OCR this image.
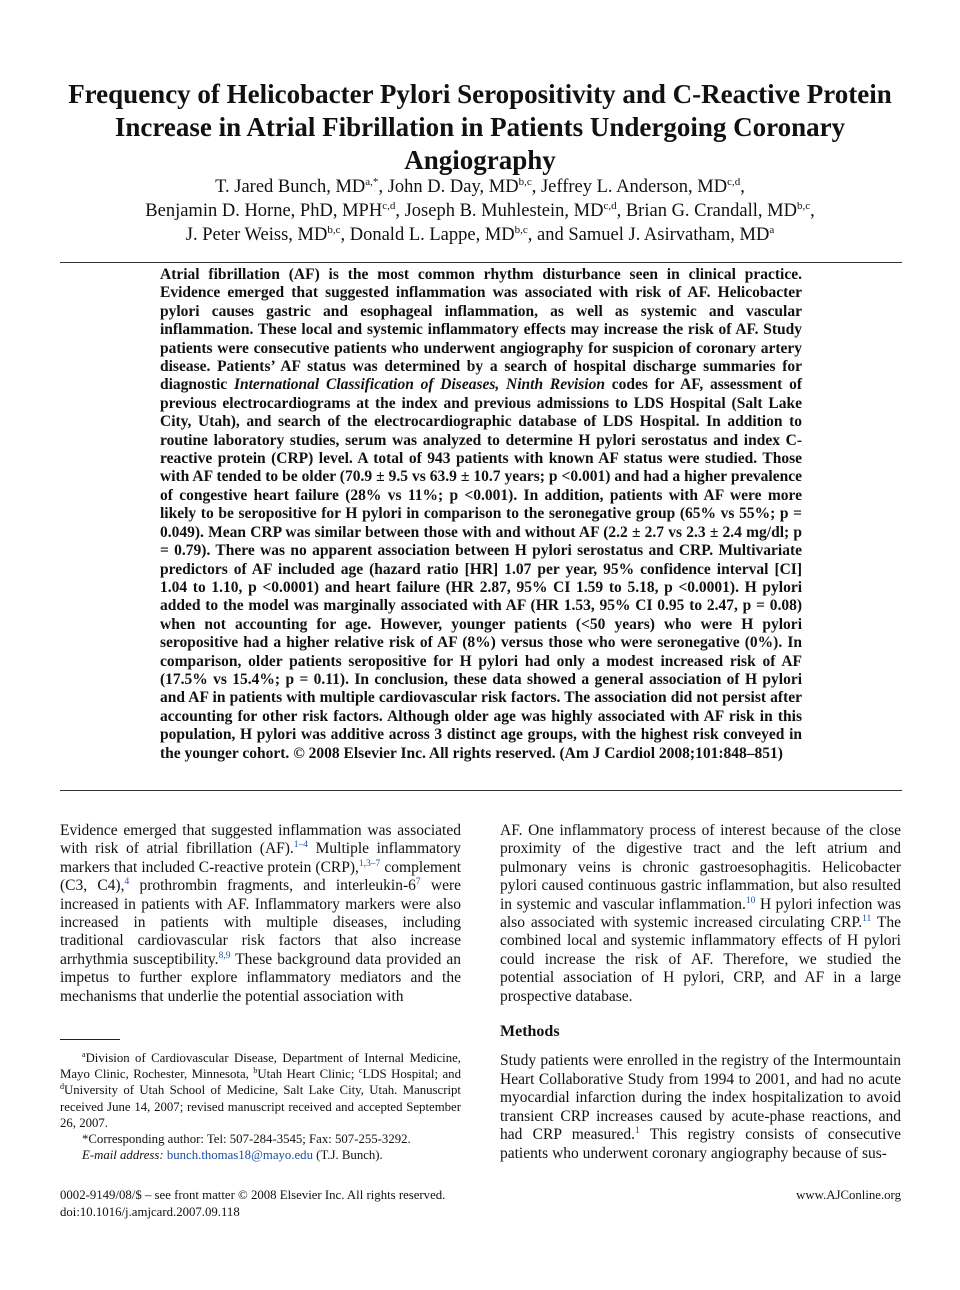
Frequency of Helicobacter Pylori Seropositivity and C-Reactive Protein Increase in Atrial Fibrillation in Patients Undergoing Coronary Angiography
T. Jared Bunch, $MD^{a,*}$, John D. Day, MD$^{b,c}$, Jeffrey L. Anderson, MD$^{c,d}$,
Benjamin D. Horne, PhD, MPH$^{c,d}$, Joseph B. Muhlestein, MD$^{c,d}$, Brian G. Crandall, MD$^{b,c}$,
J. Peter Weiss, MD$^{b,c}$, Donald L. Lappe, MD$^{b,c}$, and Samuel J. Asirvatham, $MD^a$

Atrial fibrillation (AF) is the most common rhythm disturbance seen in clinical practice. Evidence emerged that suggested inflammation was associated with risk of AF. Helicobacter pylori causes gastric and esophageal inflammation, as well as systemic and vascular inflammation. These local and systemic inflammatory effects may increase the risk of AF. Study patients were consecutive patients who underwent angiography for suspicion of coronary artery disease. Patients’ AF status was determined by a search of hospital discharge summaries for diagnostic International Classification of Diseases, Ninth Revision codes for AF, assessment of previous electrocardiograms at the index and previous admissions to LDS Hospital (Salt Lake City, Utah), and search of the electrocardiographic database of LDS Hospital. In addition to routine laboratory studies, serum was analyzed to determine H pylori serostatus and index C-reactive protein (CRP) level. A total of 943 patients with known AF status were studied. Those with AF tended to be older (70.9 ± 9.5 vs 63.9 ± 10.7 years; p <0.001) and had a higher prevalence of congestive heart failure (28% vs 11%; p <0.001). In addition, patients with AF were more likely to be seropositive for H pylori in comparison to the seronegative group (65% vs 55%; p = 0.049). Mean CRP was similar between those with and without AF (2.2 ± 2.7 vs 2.3 ± 2.4 mg/dl; p = 0.79). There was no apparent association between H pylori serostatus and CRP. Multivariate predictors of AF included age (hazard ratio [HR] 1.07 per year, 95% confidence interval [CI] 1.04 to 1.10, p <0.0001) and heart failure (HR 2.87, 95% CI 1.59 to 5.18, p <0.0001). H pylori added to the model was marginally associated with AF (HR 1.53, 95% CI 0.95 to 2.47, p = 0.08) when not accounting for age. However, younger patients (<50 years) who were H pylori seropositive had a higher relative risk of AF (8%) versus those who were seronegative (0%). In comparison, older patients seropositive for H pylori had only a modest increased risk of AF (17.5% vs 15.4%; p = 0.11). In conclusion, these data showed a general association of H pylori and AF in patients with multiple cardiovascular risk factors. The association did not persist after accounting for other risk factors. Although older age was highly associated with AF risk in this population, H pylori was additive across 3 distinct age groups, with the highest risk conveyed in the younger cohort. © 2008 Elsevier Inc. All rights reserved. (Am J Cardiol 2008;101:848–851)

Evidence emerged that suggested inflammation was associated with risk of atrial fibrillation (AF).$^{1-4}$ Multiple inflammatory markers that included C-reactive protein (CRP),$^{1,3-7}$ complement (C3, C4),$^4$ prothrombin fragments, and interleukin-$6^7$ were increased in patients with AF. Inflammatory markers were also increased in patients with multiple diseases, including traditional cardiovascular risk factors that also increase arrhythmia susceptibility.$^{8,9}$ These background data provided an impetus to further explore inflammatory mediators and the mechanisms that underlie the potential association with

AF. One inflammatory process of interest because of the close proximity of the digestive tract and the left atrium and pulmonary veins is chronic gastroesophagitis. Helicobacter pylori caused continuous gastric inflammation, but also resulted in systemic and vascular inflammation.$^{10}$ H pylori infection was also associated with systemic increased circulating CRP.$^{11}$ The combined local and systemic inflammatory effects of H pylori could increase the risk of AF. Therefore, we studied the potential association of H pylori, CRP, and AF in a large prospective database.

Methods

Study patients were enrolled in the registry of the Intermountain Heart Collaborative Study from 1994 to 2001, and had no acute myocardial infarction during the index hospitalization to avoid transient CRP increases caused by acute-phase reactions, and had CRP measured.$^1$ This registry consists of consecutive patients who underwent coronary angiography because of sus-

$^a$Division of Cardiovascular Disease, Department of Internal Medicine, Mayo Clinic, Rochester, Minnesota, $^b$Utah Heart Clinic; $^c$LDS Hospital; and $^d$University of Utah School of Medicine, Salt Lake City, Utah. Manuscript received June 14, 2007; revised manuscript received and accepted September 26, 2007.

*Corresponding author: Tel: 507-284-3545; Fax: 507-255-3292.

E-mail address: bunch.thomas18@mayo.edu (T.J. Bunch).

0002-9149/08/$ – see front matter © 2008 Elsevier Inc. All rights reserved.
doi:10.1016/j.amjcard.2007.09.118
www.AJConline.org
